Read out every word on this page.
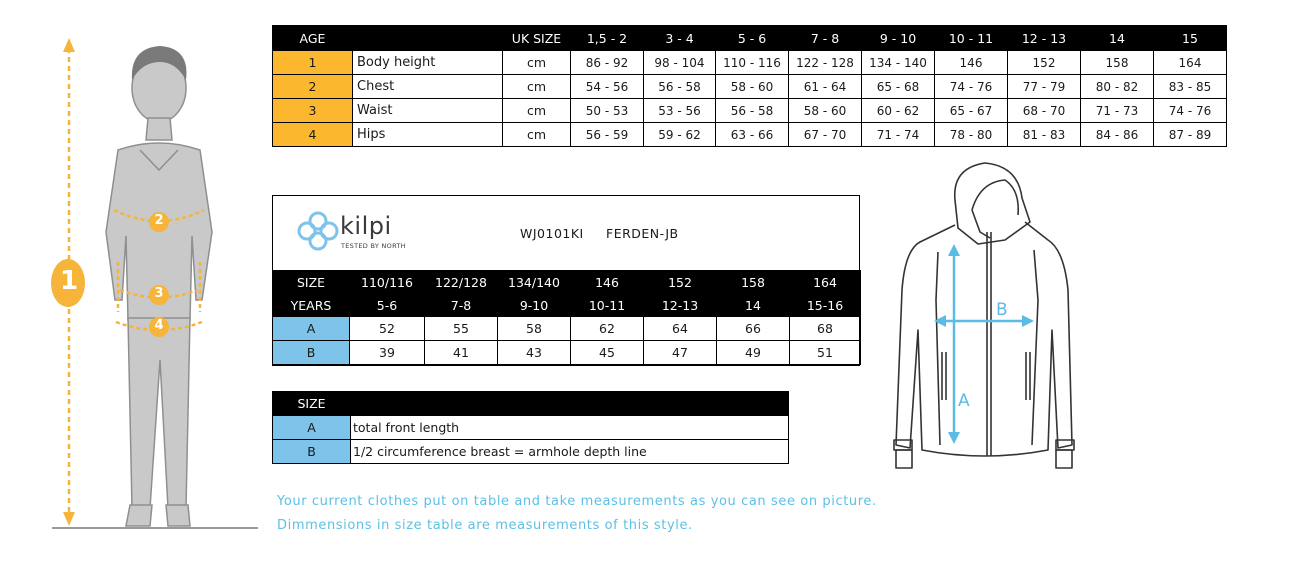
1
2
3
4
AGE		UK SIZE	1,5 - 2	3 - 4	5 - 6	7 - 8	9 - 10	10 - 11	12 - 13	14	15
1	Body height	cm	86 - 92	98 - 104	110 - 116	122 - 128	134 - 140	146	152	158	164
2	Chest	cm	54 - 56	56 - 58	58 - 60	61 - 64	65 - 68	74 - 76	77 - 79	80 - 82	83 - 85
3	Waist	cm	50 - 53	53 - 56	56 - 58	58 - 60	60 - 62	65 - 67	68 - 70	71 - 73	74 - 76
4	Hips	cm	56 - 59	59 - 62	63 - 66	67 - 70	71 - 74	78 - 80	81 - 83	84 - 86	87 - 89
kilpi
TESTED BY NORTH
WJ0101KI FERDEN-JB
SIZE	110/116	122/128	134/140	146	152	158	164
YEARS	5-6	7-8	9-10	10-11	12-13	14	15-16
A	52	55	58	62	64	66	68
B	39	41	43	45	47	49	51
SIZE						
A	total front length					
B	1/2 circumference breast = armhole depth line					
A
B
Your current clothes put on table and take measurements as you can see on picture.
Dimmensions in size table are measurements of this style.
